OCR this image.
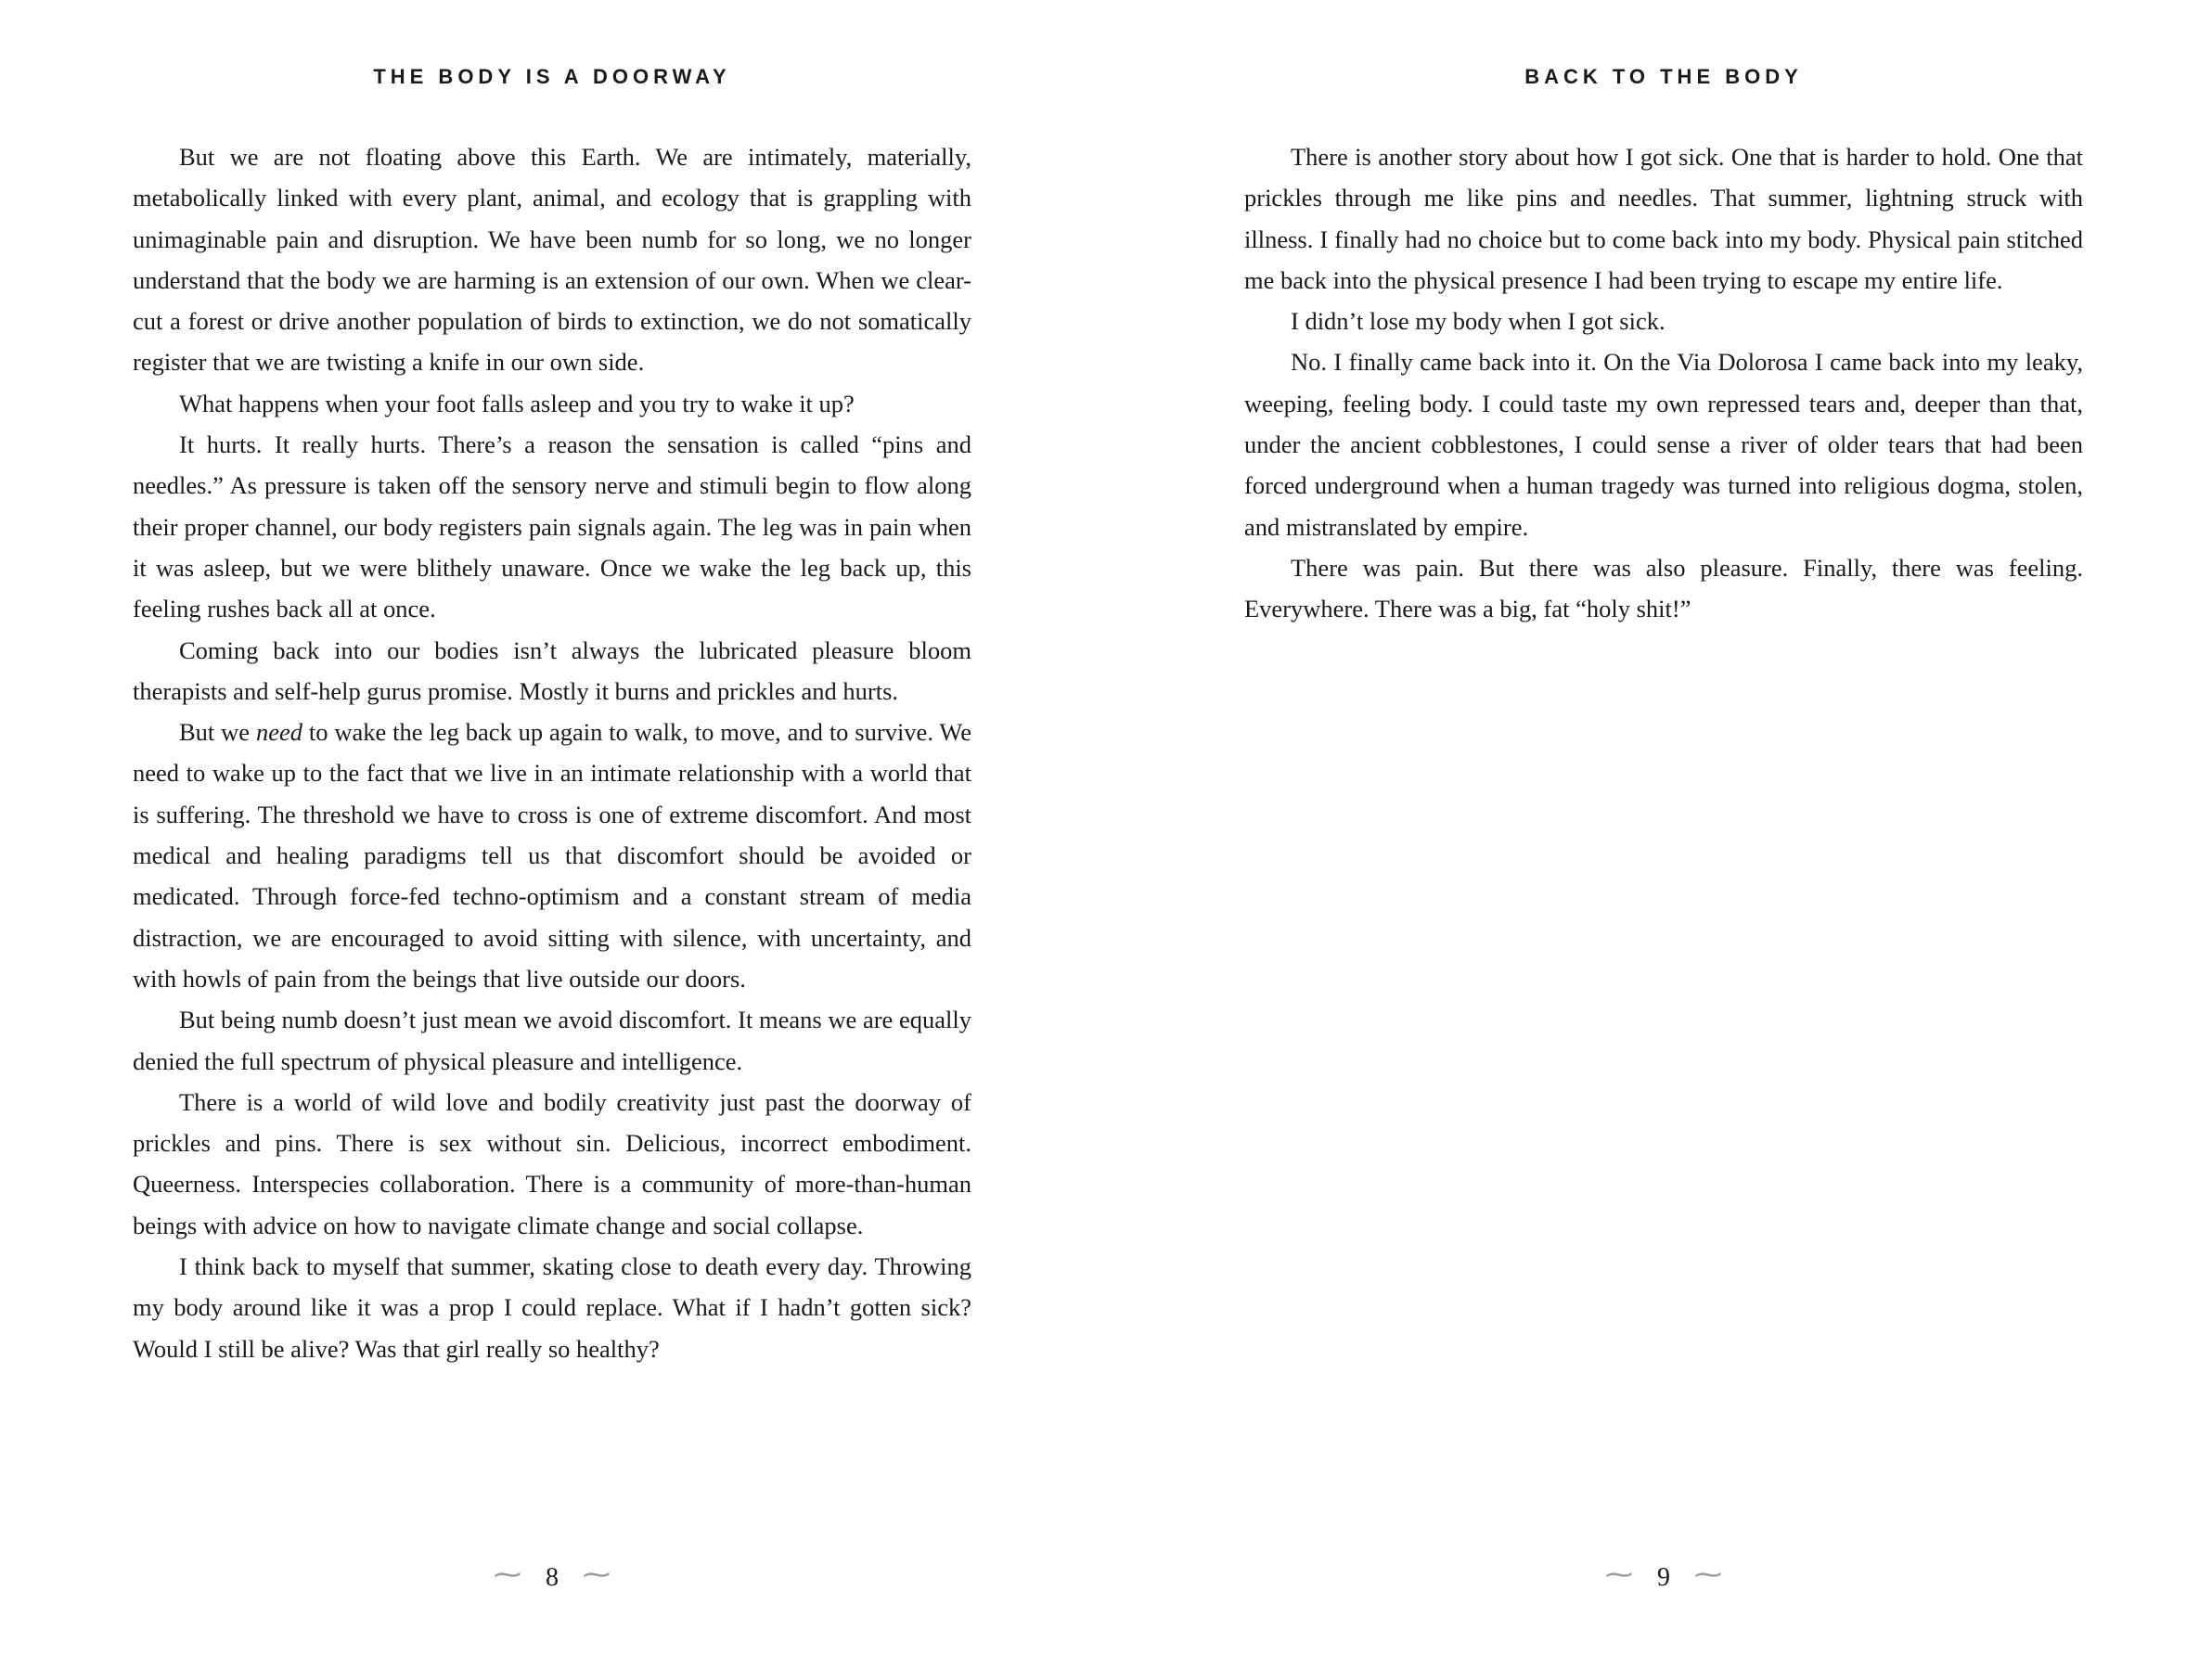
THE BODY IS A DOORWAY

But we are not floating above this Earth. We are intimately, materially, metabolically linked with every plant, animal, and ecology that is grappling with unimaginable pain and disruption. We have been numb for so long, we no longer understand that the body we are harming is an extension of our own. When we clear-cut a forest or drive another population of birds to extinction, we do not somatically register that we are twisting a knife in our own side.

What happens when your foot falls asleep and you try to wake it up?

It hurts. It really hurts. There’s a reason the sensation is called “pins and needles.” As pressure is taken off the sensory nerve and stimuli begin to flow along their proper channel, our body registers pain signals again. The leg was in pain when it was asleep, but we were blithely unaware. Once we wake the leg back up, this feeling rushes back all at once.

Coming back into our bodies isn’t always the lubricated pleasure bloom therapists and self-help gurus promise. Mostly it burns and prickles and hurts.

But we need to wake the leg back up again to walk, to move, and to survive. We need to wake up to the fact that we live in an intimate relationship with a world that is suffering. The threshold we have to cross is one of extreme discomfort. And most medical and healing paradigms tell us that discomfort should be avoided or medicated. Through force-fed techno-optimism and a constant stream of media distraction, we are encouraged to avoid sitting with silence, with uncertainty, and with howls of pain from the beings that live outside our doors.

But being numb doesn’t just mean we avoid discomfort. It means we are equally denied the full spectrum of physical pleasure and intelligence.

There is a world of wild love and bodily creativity just past the doorway of prickles and pins. There is sex without sin. Delicious, incorrect embodiment. Queerness. Interspecies collaboration. There is a community of more-than-human beings with advice on how to navigate climate change and social collapse.

I think back to myself that summer, skating close to death every day. Throwing my body around like it was a prop I could replace. What if I hadn’t gotten sick? Would I still be alive? Was that girl really so healthy?

⁓ 8 ⁓
BACK TO THE BODY

There is another story about how I got sick. One that is harder to hold. One that prickles through me like pins and needles. That summer, lightning struck with illness. I finally had no choice but to come back into my body. Physical pain stitched me back into the physical presence I had been trying to escape my entire life.

I didn’t lose my body when I got sick.

No. I finally came back into it. On the Via Dolorosa I came back into my leaky, weeping, feeling body. I could taste my own repressed tears and, deeper than that, under the ancient cobblestones, I could sense a river of older tears that had been forced underground when a human tragedy was turned into religious dogma, stolen, and mistranslated by empire.

There was pain. But there was also pleasure. Finally, there was feeling. Everywhere. There was a big, fat “holy shit!”

⁓ 9 ⁓
